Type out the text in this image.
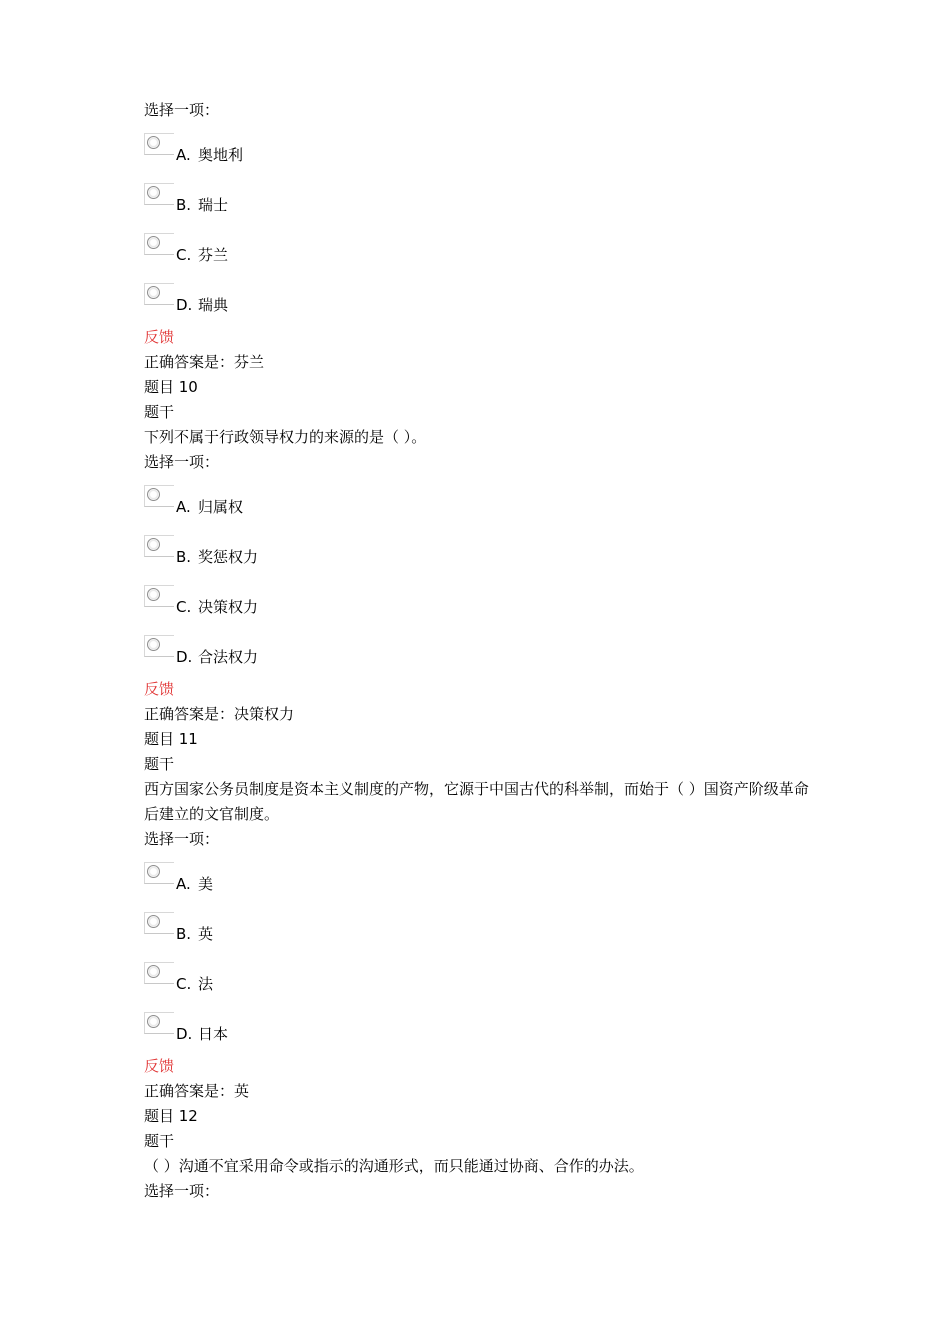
选择一项：
A. 奥地利
B. 瑞士
C. 芬兰
D. 瑞典
反馈
正确答案是：芬兰
题目 10
题干
下列不属于行政领导权力的来源的是（ ）。
选择一项：
A. 归属权
B. 奖惩权力
C. 决策权力
D. 合法权力
反馈
正确答案是：决策权力
题目 11
题干
西方国家公务员制度是资本主义制度的产物，它源于中国古代的科举制，而始于（ ）国资产阶级革命后建立的文官制度。
选择一项：
A. 美
B. 英
C. 法
D. 日本
反馈
正确答案是：英
题目 12
题干
（ ）沟通不宜采用命令或指示的沟通形式，而只能通过协商、合作的办法。
选择一项：
